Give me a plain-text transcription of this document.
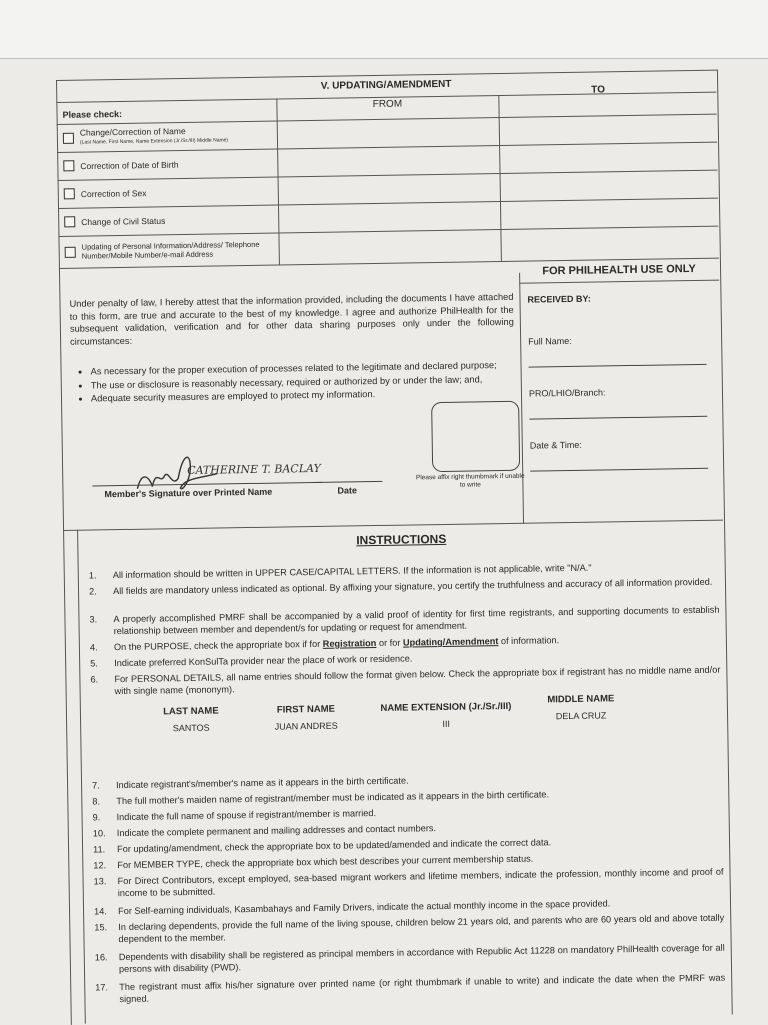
V. UPDATING/AMENDMENT	TO
Please check:
FROM
Change/Correction of Name
(Last Name, First Name, Name Extension (Jr./Sr./III) Middle Name)
Correction of Date of Birth
Correction of Sex
Change of Civil Status
Updating of Personal Information/Address/ Telephone Number/Mobile Number/e-mail Address

Under penalty of law, I hereby attest that the information provided, including the documents I have attached to this form, are true and accurate to the best of my knowledge. I agree and authorize PhilHealth for the subsequent validation, verification and for other data sharing purposes only under the following circumstances:

• As necessary for the proper execution of processes related to the legitimate and declared purpose;
• The use or disclosure is reasonably necessary, required or authorized by or under the law; and,
• Adequate security measures are employed to protect my information.
CATHERINE T. BACLAY
Member's Signature over Printed Name	Date
Please affix right thumbmark if unable to write
FOR PHILHEALTH USE ONLY
RECEIVED BY:
Full Name:
PRO/LHIO/Branch:
Date & Time:
INSTRUCTIONS
1.	All information should be written in UPPER CASE/CAPITAL LETTERS. If the information is not applicable, write "N/A."
2.	All fields are mandatory unless indicated as optional. By affixing your signature, you certify the truthfulness and accuracy of all information provided.
3.	A properly accomplished PMRF shall be accompanied by a valid proof of identity for first time registrants, and supporting documents to establish relationship between member and dependent/s for updating or request for amendment.
4.	On the PURPOSE, check the appropriate box if for Registration or for Updating/Amendment of information.
5.	Indicate preferred KonSulTa provider near the place of work or residence.
6.	For PERSONAL DETAILS, all name entries should follow the format given below. Check the appropriate box if registrant has no middle name and/or with single name (mononym).
LAST NAME
SANTOS
FIRST NAME
JUAN ANDRES
NAME EXTENSION (Jr./Sr./III)
III
MIDDLE NAME
DELA CRUZ
7.	Indicate registrant's/member's name as it appears in the birth certificate.
8.	The full mother's maiden name of registrant/member must be indicated as it appears in the birth certificate.
9.	Indicate the full name of spouse if registrant/member is married.
10.	Indicate the complete permanent and mailing addresses and contact numbers.
11.	For updating/amendment, check the appropriate box to be updated/amended and indicate the correct data.
12.	For MEMBER TYPE, check the appropriate box which best describes your current membership status.
13.	For Direct Contributors, except employed, sea-based migrant workers and lifetime members, indicate the profession, monthly income and proof of income to be submitted.
14.	For Self-earning individuals, Kasambahays and Family Drivers, indicate the actual monthly income in the space provided.
15.	In declaring dependents, provide the full name of the living spouse, children below 21 years old, and parents who are 60 years old and above totally dependent to the member.
16.	Dependents with disability shall be registered as principal members in accordance with Republic Act 11228 on mandatory PhilHealth coverage for all persons with disability (PWD).
17.	The registrant must affix his/her signature over printed name (or right thumbmark if unable to write) and indicate the date when the PMRF was signed.
